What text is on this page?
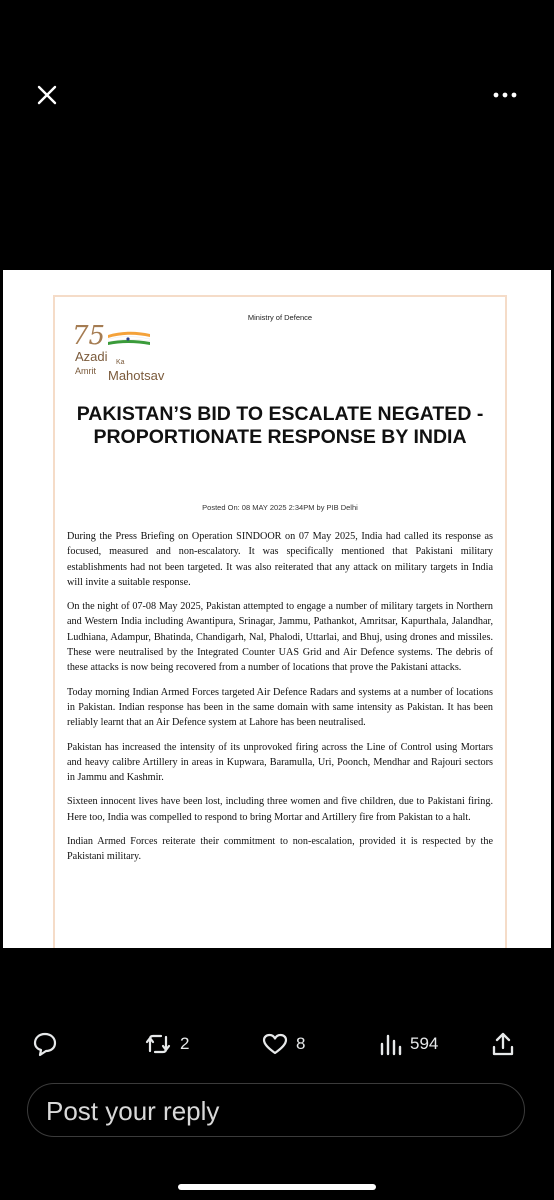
Ministry of Defence
75
Azadi Ka
Amrit Mahotsav
PAKISTAN’S BID TO ESCALATE NEGATED - PROPORTIONATE RESPONSE BY INDIA
Posted On: 08 MAY 2025 2:34PM by PIB Delhi

During the Press Briefing on Operation SINDOOR on 07 May 2025, India had called its response as focused, measured and non-escalatory. It was specifically mentioned that Pakistani military establishments had not been targeted. It was also reiterated that any attack on military targets in India will invite a suitable response.

On the night of 07-08 May 2025, Pakistan attempted to engage a number of military targets in Northern and Western India including Awantipura, Srinagar, Jammu, Pathankot, Amritsar, Kapurthala, Jalandhar, Ludhiana, Adampur, Bhatinda, Chandigarh, Nal, Phalodi, Uttarlai, and Bhuj, using drones and missiles. These were neutralised by the Integrated Counter UAS Grid and Air Defence systems. The debris of these attacks is now being recovered from a number of locations that prove the Pakistani attacks.

Today morning Indian Armed Forces targeted Air Defence Radars and systems at a number of locations in Pakistan. Indian response has been in the same domain with same intensity as Pakistan. It has been reliably learnt that an Air Defence system at Lahore has been neutralised.

Pakistan has increased the intensity of its unprovoked firing across the Line of Control using Mortars and heavy calibre Artillery in areas in Kupwara, Baramulla, Uri, Poonch, Mendhar and Rajouri sectors in Jammu and Kashmir.

Sixteen innocent lives have been lost, including three women and five children, due to Pakistani firing. Here too, India was compelled to respond to bring Mortar and Artillery fire from Pakistan to a halt.

Indian Armed Forces reiterate their commitment to non-escalation, provided it is respected by the Pakistani military.

2	8	594
Post your reply
